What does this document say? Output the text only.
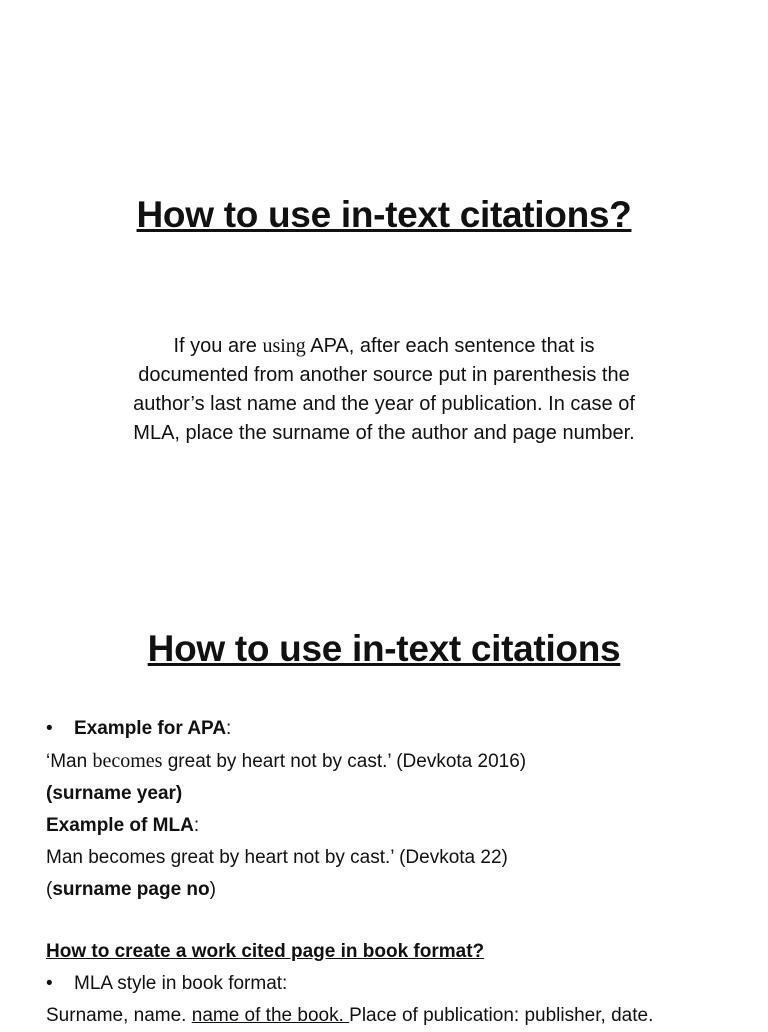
How to use in-text citations?

If you are using APA, after each sentence that is documented from another source put in parenthesis the author’s last name and the year of publication. In case of MLA, place the surname of the author and page number.

How to use in-text citations

• Example for APA:

‘Man becomes great by heart not by cast.’ (Devkota 2016)

(surname year)

Example of MLA:

Man becomes great by heart not by cast.’ (Devkota 22)

(surname page no)

How to create a work cited page in book format?

• MLA style in book format:

Surname, name. name of the book. Place of publication: publisher, date.
